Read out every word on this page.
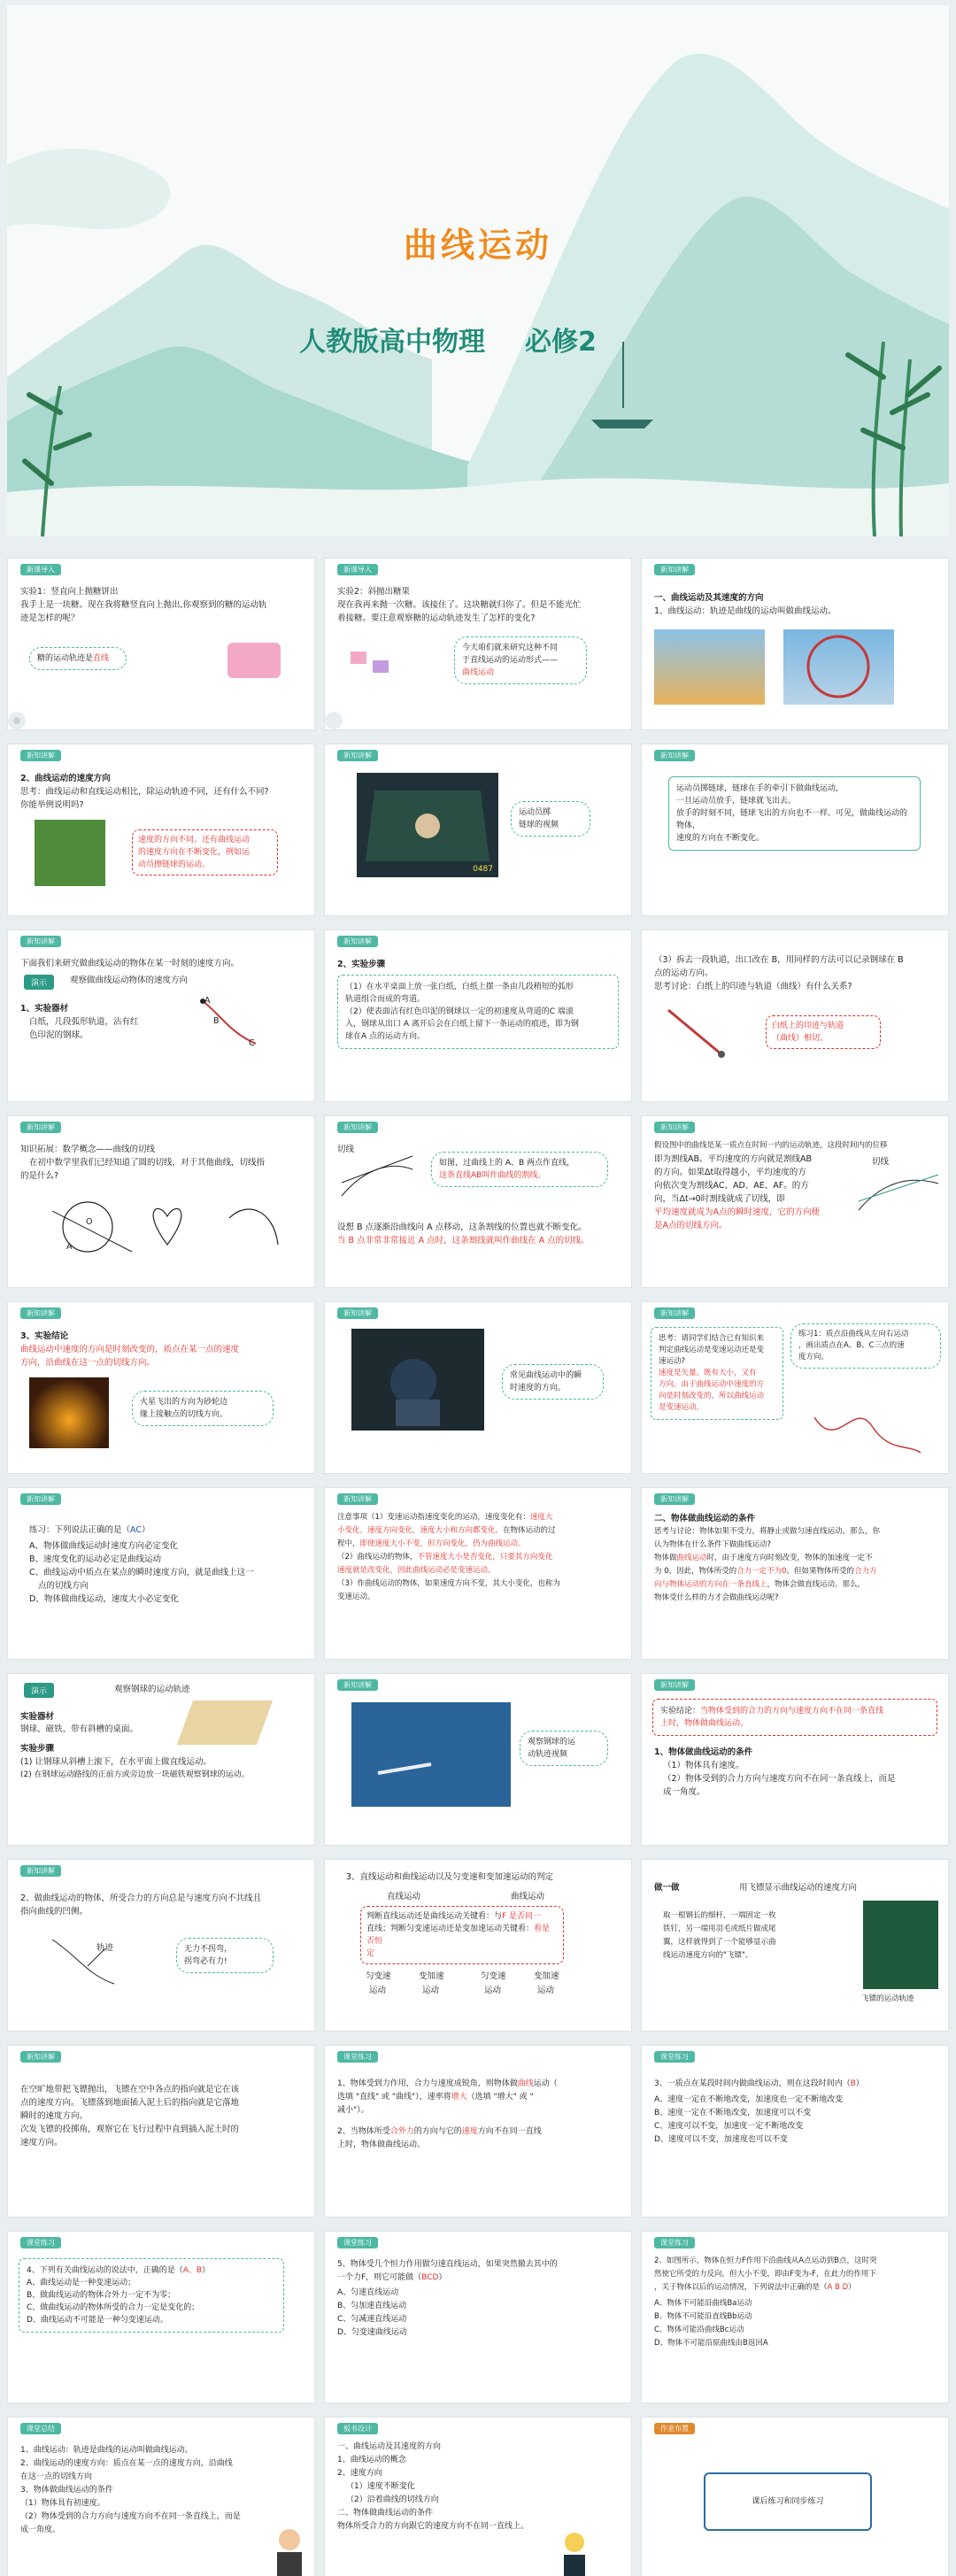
曲线运动
人教版高中物理 必修2
新课导入
实验1：竖直向上抛糖饼出
我手上是一块糖。现在我将糖竖直向上抛出,你观察到的糖的运动轨
迹是怎样的呢？
糖的运动轨迹是直线
新课导入
实验2：斜抛出糖果
现在我再来抛一次糖。该接住了。这块糖就归你了。但是不能光忙
着接糖。要注意观察糖的运动轨迹发生了怎样的变化?
今天咱们就来研究这种不同
于直线运动的运动形式——
曲线运动
新知讲解
一、曲线运动及其速度的方向
1、曲线运动：轨迹是曲线的运动叫做曲线运动。
新知讲解
2、曲线运动的速度方向
思考：曲线运动和直线运动相比，除运动轨迹不同，还有什么不同?
你能举例说明吗?
速度的方向不同。还有曲线运动
的速度方向在不断变化，例如运
动员擦链球的运动。
新知讲解
0487
运动员掷
链球的视频
新知讲解
运动员掷链球，链球在手的牵引下做曲线运动，
一旦运动员放手，链球就飞出去。
放手的时刻不同，链球飞出的方向也不一样。可见，做曲线运动的物体，
速度的方向在不断变化。
新知讲解
下面我们来研究做曲线运动的物体在某一时刻的速度方向。
演示	观察做曲线运动物体的速度方向
1、实验器材
白纸，几段弧形轨道，沾有红
色印泥的钢球。
A
B
C
新知讲解
2、实验步骤
（1）在水平桌面上放一张白纸，白纸上摆一条由几段稍短的弧形
轨道组合而成的弯道。
（2）使表面沾有红色印泥的钢球以一定的初速度从弯道的C 端滚
入，钢球从出口 A 离开后会在白纸上留下一条运动的痕迹，即为钢
球在A 点的运动方向。
（3）拆去一段轨道，出口改在 B，用同样的方法可以记录钢球在 B
点的运动方向。
思考讨论：白纸上的印迹与轨道（曲线）有什么关系?
白纸上的印迹与轨道
（曲线）相切。
新知讲解
知识拓展：数学概念——曲线的切线
在初中数学里我们已经知道了圆的切线，对于其他曲线，切线指
的是什么?
O
A
新知讲解
切线
如图，过曲线上的 A、B 两点作直线，
这条直线AB叫作曲线的割线。
设想 B 点逐渐沿曲线向 A 点移动，这条割线的位置也就不断变化。
当 B 点非常非常接近 A 点时，这条割线就叫作曲线在 A 点的切线。
新知讲解
假设图中的曲线是某一质点在时间一内的运动轨迹，这段时间内的位移
即为割线AB。平均速度的方向就是割线AB
的方向。如果Δt取得越小，平均速度的方
向依次变为割线AC、AD、AE、AF。的方
向，当Δt→0时割线就成了切线，即
平均速度就成为A点的瞬时速度，它的方向便
是A点的切线方向。
切线
新知讲解
3、实验结论
曲线运动中速度的方向是时刻改变的，质点在某一点的速度
方向，沿曲线在这一点的切线方向。
火星飞出的方向为砂轮边
缘上接触点的切线方向。
新知讲解
常见曲线运动中的瞬
时速度的方向。
新知讲解
思考：请同学们结合已有知识来
判定曲线运动是变速运动还是变
速运动?
速度是矢量。既有大小，又有
方向。由于曲线运动中速度的方
向是时刻改变的，所以曲线运动
是变速运动。
练习1：质点沿曲线从左向右运动
，画出质点在A、B、C三点的速
度方向。
新知讲解
练习：下列说法正确的是（AC）
A、物体做曲线运动时速度方向必定变化
B、速度变化的运动必定是曲线运动
C、曲线运动中质点在某点的瞬时速度方向，就是曲线上这一
点的切线方向
D、物体做曲线运动，速度大小必定变化
新知讲解
注意事项（1）变速运动指速度变化的运动，速度变化有：速度大
小变化，速度方向变化，速度大小和方向都变化。在物体运动的过
程中，即使速度大小不变，但方向变化，仍为曲线运动。
（2）曲线运动的物体，不管速度大小是否变化，只要其方向变化
速度就是改变化，因此曲线运动必是变速运动。
（3）作曲线运动的物体，如果速度方向不变，其大小变化，也称为
变速运动。
新知讲解
二、物体做曲线运动的条件
思考与讨论：物体如果不受力，将静止或做匀速直线运动。那么，你
认为物体在什么条件下做曲线运动?
物体做曲线运动时，由于速度方向时刻改变，物体的加速度一定不
为 0，因此，物体所受的合力一定不为0。但如果物体所受的合力方
向与物体运动的方向在一条直线上，物体会做直线运动。那么，
物体受什么样的力才会做曲线运动呢?
演示	观察钢球的运动轨迹
实验器材
钢球、磁铁、带有斜槽的桌面。
实验步骤
(1) 让钢球从斜槽上滚下，在水平面上做直线运动。
(2) 在钢球运动路线的正前方或旁边放一块磁铁观察钢球的运动。
新知讲解
观察钢球的运
动轨迹视频
新知讲解
实验结论：当物体受到的合力的方向与速度方向不在同一条直线
上时，物体做曲线运动。
1、物体做曲线运动的条件
（1）物体具有速度。
（2）物体受到的合力方向与速度方向不在同一条直线上，而是
成一角度。
新知讲解
2、做曲线运动的物体，所受合力的方向总是与速度方向不共线且
指向曲线的凹侧。
轨迹	无力不拐弯，
拐弯必有力!
3、直线运动和曲线运动以及匀变速和变加速运动的判定
直线运动	曲线运动
判断直线运动还是曲线运动关键看：与F 是否同一
直线；判断匀变速运动还是变加速运动关键看：看是否恒
定
匀变速	变加速	匀变速	变加速
运动	运动	运动	运动
做一做	用飞镖显示曲线运动的速度方向
取一根钢长的细杆，一端固定一枚
铁钉，另一端用羽毛或纸片做成尾
翼，这样就得到了一个能够显示曲
线运动速度方向的"飞镖"。
飞镖的运动轨迹
新知讲解
在空旷地带把飞镖抛出，飞镖在空中各点的指向就是它在该
点的速度方向。飞镖落到地面插入泥土后的指向就是它落地
瞬时的速度方向。
次发飞镖的投掷角，观察它在飞行过程中直到插入泥土时的
速度方向。
课堂练习
1、物体受到力作用，合力与速度成锐角，则物体做曲线运动（
选填 "直线" 或 "曲线"），速率将增大（选填 "增大" 或 "
减小"）。
2、当物体所受合外力的方向与它的速度方向不在同一直线
上时，物体做曲线运动。
课堂练习
3、一质点在某段时间内做曲线运动，则在这段时间内（B）
A、速度一定在不断地改变，加速度也一定不断地改变
B、速度一定在不断地改变，加速度可以不变
C、速度可以不变，加速度一定不断地改变
D、速度可以不变，加速度也可以不变
课堂练习
4、下列有关曲线运动的说法中，正确的是（A、B）
A、曲线运动是一种变速运动；
B、做曲线运动的物体合外力一定不为零；
C、做曲线运动的物体所受的合力一定是变化的；
D、曲线运动不可能是一种匀变速运动。
课堂练习
5、物体受几个恒力作用做匀速直线运动，如果突然撤去其中的
一个力F，则它可能做（BCD）
A、匀速直线运动
B、匀加速直线运动
C、匀减速直线运动
D、匀变速曲线运动
课堂练习
2、如图所示，物体在恒力F作用下沿曲线从A点运动到B点，这时突
然使它所受的力反向，但大小不变，即由F变为-F，在此力的作用下
，关于物体以后的运动情况，下列说法中正确的是（A B D）
A、物体不可能沿曲线Ba运动
B、物体不可能沿直线Bb运动
C、物体可能沿曲线Bc运动
D、物体不可能沿原曲线由B返回A
课堂总结
1、曲线运动：轨迹是曲线的运动叫做曲线运动。
2、曲线运动的速度方向：质点在某一点的速度方向，沿曲线
在这一点的切线方向
3、物体做曲线运动的条件
（1）物体具有初速度。
（2）物体受到的合力方向与速度方向不在同一条直线上，而是
成一角度。
板书设计
一、曲线运动及其速度的方向
1、曲线运动的概念
2、速度方向
（1）速度不断变化
（2）沿着曲线的切线方向
二、物体做曲线运动的条件
物体所受合力的方向跟它的速度方向不在同一直线上。
作业布置
课后练习和同步练习
